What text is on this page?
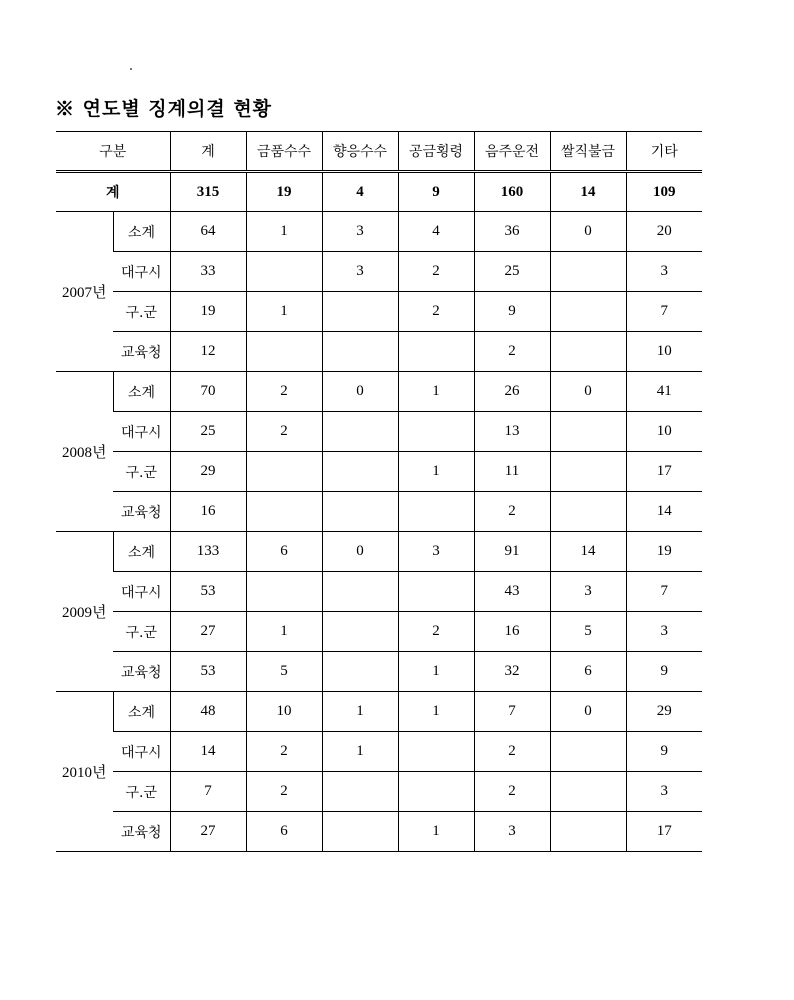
※ 연도별 징계의결 현황
구분		계	금품수수	향응수수	공금횡령	음주운전	쌀직불금	기타
계		315	19	4	9	160	14	109
2007년	소계	64	1	3	4	36	0	20
	대구시	33		3	2	25		3
	구.군	19	1		2	9		7
	교육청	12				2		10
2008년	소계	70	2	0	1	26	0	41
	대구시	25	2			13		10
	구.군	29			1	11		17
	교육청	16				2		14
2009년	소계	133	6	0	3	91	14	19
	대구시	53				43	3	7
	구.군	27	1		2	16	5	3
	교육청	53	5		1	32	6	9
2010년	소계	48	10	1	1	7	0	29
	대구시	14	2	1		2		9
	구.군	7	2			2		3
	교육청	27	6		1	3		17
